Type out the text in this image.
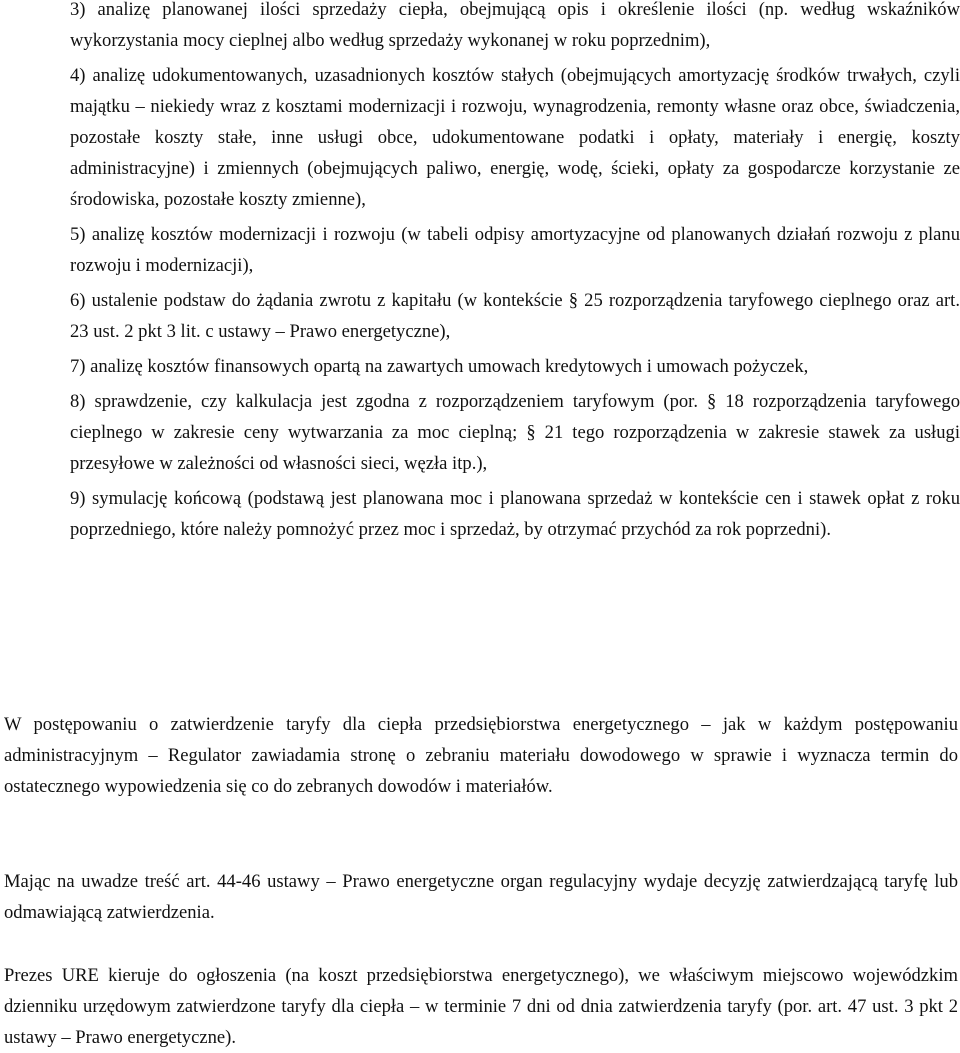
3) analizę planowanej ilości sprzedaży ciepła, obejmującą opis i określenie ilości (np. według wskaźników wykorzystania mocy cieplnej albo według sprzedaży wykonanej w roku poprzednim),

4) analizę udokumentowanych, uzasadnionych kosztów stałych (obejmujących amortyzację środków trwałych, czyli majątku – niekiedy wraz z kosztami modernizacji i rozwoju, wynagrodzenia, remonty własne oraz obce, świadczenia, pozostałe koszty stałe, inne usługi obce, udokumentowane podatki i opłaty, materiały i energię, koszty administracyjne) i zmiennych (obejmujących paliwo, energię, wodę, ścieki, opłaty za gospodarcze korzystanie ze środowiska, pozostałe koszty zmienne),

5) analizę kosztów modernizacji i rozwoju (w tabeli odpisy amortyzacyjne od planowanych działań rozwoju z planu rozwoju i modernizacji),

6) ustalenie podstaw do żądania zwrotu z kapitału (w kontekście § 25 rozporządzenia taryfowego cieplnego oraz art. 23 ust. 2 pkt 3 lit. c ustawy – Prawo energetyczne),

7) analizę kosztów finansowych opartą na zawartych umowach kredytowych i umowach pożyczek,

8) sprawdzenie, czy kalkulacja jest zgodna z rozporządzeniem taryfowym (por. § 18 rozporządzenia taryfowego cieplnego w zakresie ceny wytwarzania za moc cieplną; § 21 tego rozporządzenia w zakresie stawek za usługi przesyłowe w zależności od własności sieci, węzła itp.),

9) symulację końcową (podstawą jest planowana moc i planowana sprzedaż w kontekście cen i stawek opłat z roku poprzedniego, które należy pomnożyć przez moc i sprzedaż, by otrzymać przychód za rok poprzedni).

W postępowaniu o zatwierdzenie taryfy dla ciepła przedsiębiorstwa energetycznego – jak w każdym postępowaniu administracyjnym – Regulator zawiadamia stronę o zebraniu materiału dowodowego w sprawie i wyznacza termin do ostatecznego wypowiedzenia się co do zebranych dowodów i materiałów.

Mając na uwadze treść art. 44-46 ustawy – Prawo energetyczne organ regulacyjny wydaje decyzję zatwierdzającą taryfę lub odmawiającą zatwierdzenia.

Prezes URE kieruje do ogłoszenia (na koszt przedsiębiorstwa energetycznego), we właściwym miejscowo wojewódzkim dzienniku urzędowym zatwierdzone taryfy dla ciepła – w terminie 7 dni od dnia zatwierdzenia taryfy (por. art. 47 ust. 3 pkt 2 ustawy – Prawo energetyczne).
